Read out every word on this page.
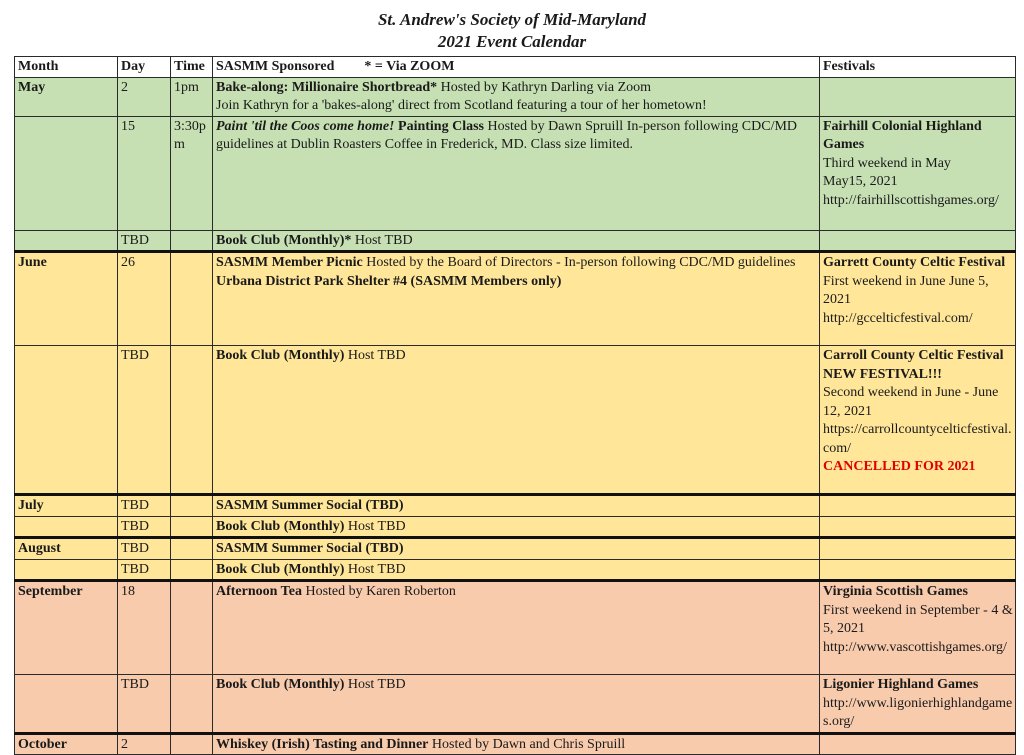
St. Andrew's Society of Mid-Maryland
2021 Event Calendar
Month	Day	Time	SASMM Sponsored * = Via ZOOM	Festivals
May	2	1pm	Bake-along: Millionaire Shortbread* Hosted by Kathryn Darling via Zoom
Join Kathryn for a 'bakes-along' direct from Scotland featuring a tour of her hometown!	
	15	3:30pm	Paint 'til the Coos come home! Painting Class Hosted by Dawn Spruill In-person following CDC/MD guidelines at Dublin Roasters Coffee in Frederick, MD. Class size limited.	Fairhill Colonial Highland Games
Third weekend in May
May15, 2021
http://fairhillscottishgames.org/

	TBD		Book Club (Monthly)* Host TBD	
June	26		SASMM Member Picnic Hosted by the Board of Directors - In-person following CDC/MD guidelines Urbana District Park Shelter #4 (SASMM Members only)	Garrett County Celtic Festival
First weekend in June June 5, 2021
http://gccelticfestival.com/

	TBD		Book Club (Monthly) Host TBD	Carroll County Celtic Festival NEW FESTIVAL!!!
Second weekend in June - June 12, 2021
https://carrollcountycelticfestival.com/
CANCELLED FOR 2021

July	TBD		SASMM Summer Social (TBD)	
	TBD		Book Club (Monthly) Host TBD	
August	TBD		SASMM Summer Social (TBD)	
	TBD		Book Club (Monthly) Host TBD	
September	18		Afternoon Tea Hosted by Karen Roberton	Virginia Scottish Games
First weekend in September - 4 & 5, 2021
http://www.vascottishgames.org/

	TBD		Book Club (Monthly) Host TBD	Ligonier Highland Games
http://www.ligonierhighlandgames.org/

October	2		Whiskey (Irish) Tasting and Dinner Hosted by Dawn and Chris Spruill	
